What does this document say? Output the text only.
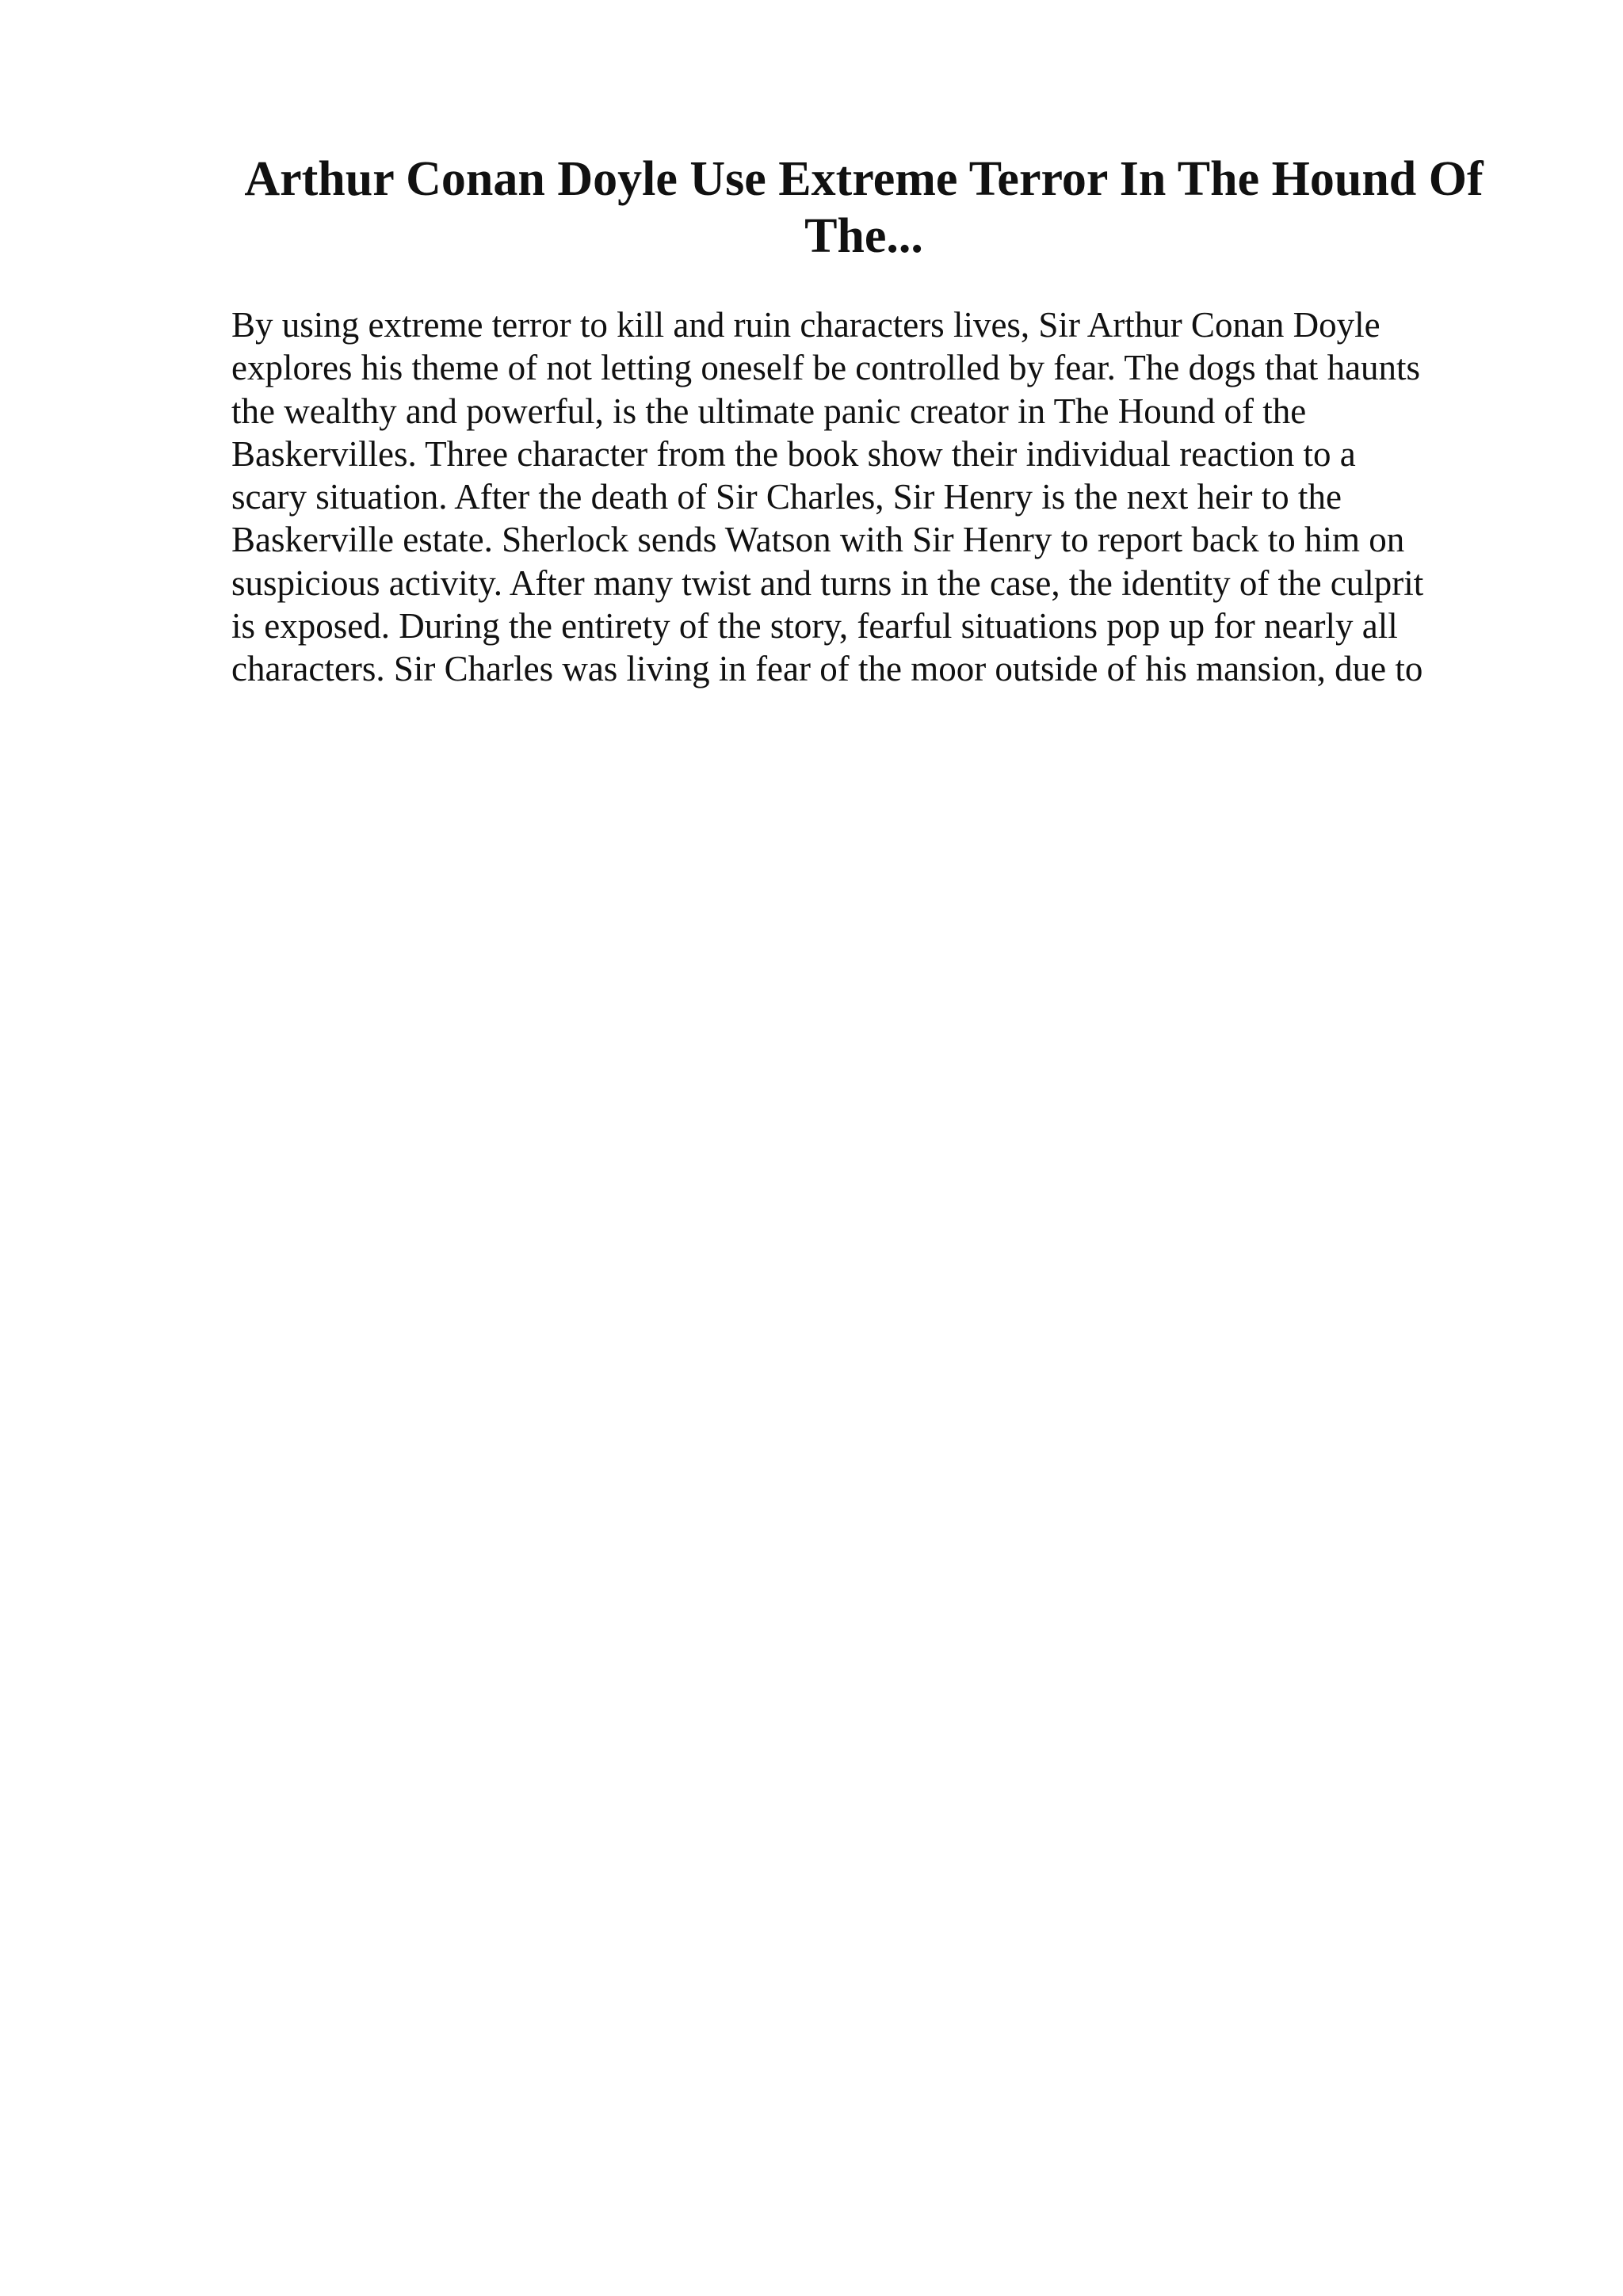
Arthur Conan Doyle Use Extreme Terror In The Hound Of The...
By using extreme terror to kill and ruin characters lives, Sir Arthur Conan Doyle
explores his theme of not letting oneself be controlled by fear. The dogs that haunts
the wealthy and powerful, is the ultimate panic creator in The Hound of the
Baskervilles. Three character from the book show their individual reaction to a
scary situation. After the death of Sir Charles, Sir Henry is the next heir to the
Baskerville estate. Sherlock sends Watson with Sir Henry to report back to him on
suspicious activity. After many twist and turns in the case, the identity of the culprit
is exposed. During the entirety of the story, fearful situations pop up for nearly all
characters. Sir Charles was living in fear of the moor outside of his mansion, due to
